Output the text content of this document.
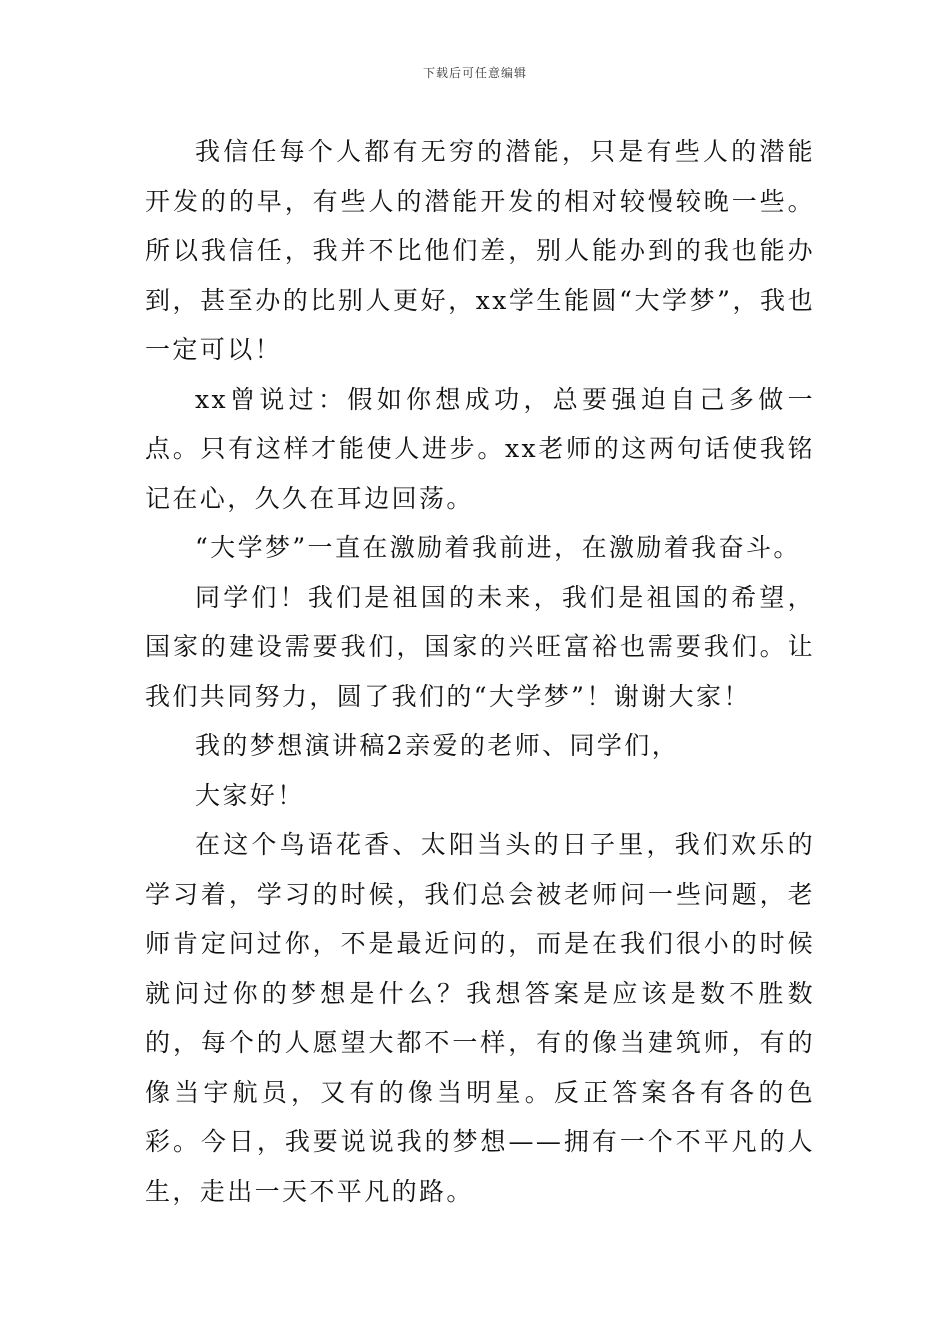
下载后可任意编辑

我信任每个人都有无穷的潜能，只是有些人的潜能开发的的早，有些人的潜能开发的相对较慢较晚一些。所以我信任，我并不比他们差，别人能办到的我也能办到，甚至办的比别人更好，xx学生能圆“大学梦”，我也一定可以！

xx曾说过：假如你想成功，总要强迫自己多做一点。只有这样才能使人进步。xx老师的这两句话使我铭记在心，久久在耳边回荡。

“大学梦”一直在激励着我前进，在激励着我奋斗。

同学们！我们是祖国的未来，我们是祖国的希望，国家的建设需要我们，国家的兴旺富裕也需要我们。让我们共同努力，圆了我们的“大学梦”！谢谢大家！

我的梦想演讲稿2亲爱的老师、同学们，

大家好！

在这个鸟语花香、太阳当头的日子里，我们欢乐的学习着，学习的时候，我们总会被老师问一些问题，老师肯定问过你，不是最近问的，而是在我们很小的时候就问过你的梦想是什么？我想答案是应该是数不胜数的，每个的人愿望大都不一样，有的像当建筑师，有的像当宇航员，又有的像当明星。反正答案各有各的色彩。今日，我要说说我的梦想——拥有一个不平凡的人生，走出一天不平凡的路。
